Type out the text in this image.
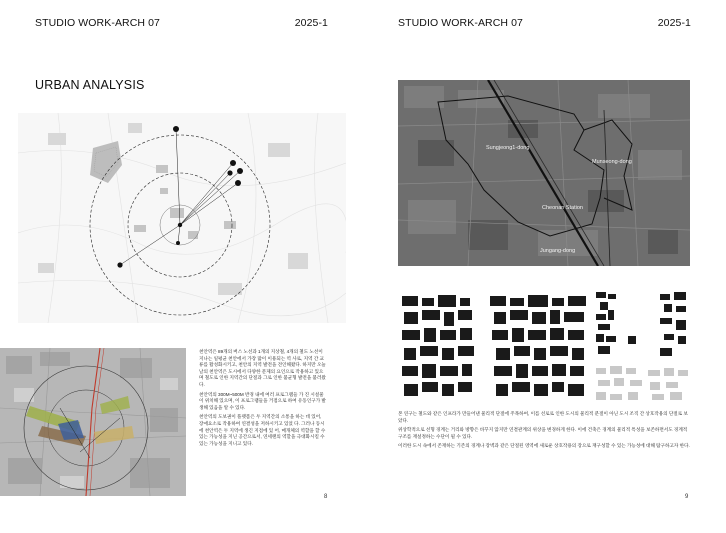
STUDIO WORK-ARCH 07	2025-1
URBAN ANALYSIS

천안역은 89개의 버스 노선과 1개의 지상철, 4개의 철도 노선이 지나는 일평균 천안에서 가장 많이 이용되는 역 사로, 지역 간 교류를 활성화시키고, 천안의 지역 발전을 견인해왔다. 하지만 오늘날의 천안역은 도시에서 다양한 문제의 요인으로 작용하고 있으며 철도로 인한 지역간의 단절과 그로 인한 불균형 발전을 불러왔다.

천안역의 300M~500M 반경 내에 여러 프로그램들 가 진 시설물이 위치해 있으며, 이 프로그램들을 거점으로 하여 유동인구가 발생해 있음을 알 수 있다.

천안역의 도보권이 플랫폼은 두 지역간의 소통을 하는 데 있어, 장애요소로 작용하여 연결성을 저하시키고 있었 다. 그러나 동시에 천안역은 두 지역에 생긴 지점에 있 어, 매개체의 역할을 할 수 있는 가능성을 지닌 공간으로서, 연세랜의 역할을 극대화시킬 수 있는 가능성을 지니고 있다.

8
STUDIO WORK-ARCH 07	2025-1
Sungjeong1-dong
Munseong-dong
Cheonan Station
Jungang-dong

본 연구는 철도와 같은 인프라가 만들어낸 물리적 단절에 주목하여, 이를 선로로 인한 도시의 물리적 분절이 아닌 도시 조직 간 상호작용의 단절로 보았다.

위상학적으로 선형 경계는 거리와 방향은 바꾸지 않지만 연결관계의 위상을 변경하게 한다. 이에 건축은 경계의 물리적 특성을 보존하면서도 경계적 구조를 재설정하는 수단이 될 수 있다.

이러한 도시 속에서 존재하는 기존의 경계나 장벽과 같은 단절된 영역에 새로운 상호작용의 장으로 재구성할 수 있는 가능성에 대해 탐구하고자 한다.

9
